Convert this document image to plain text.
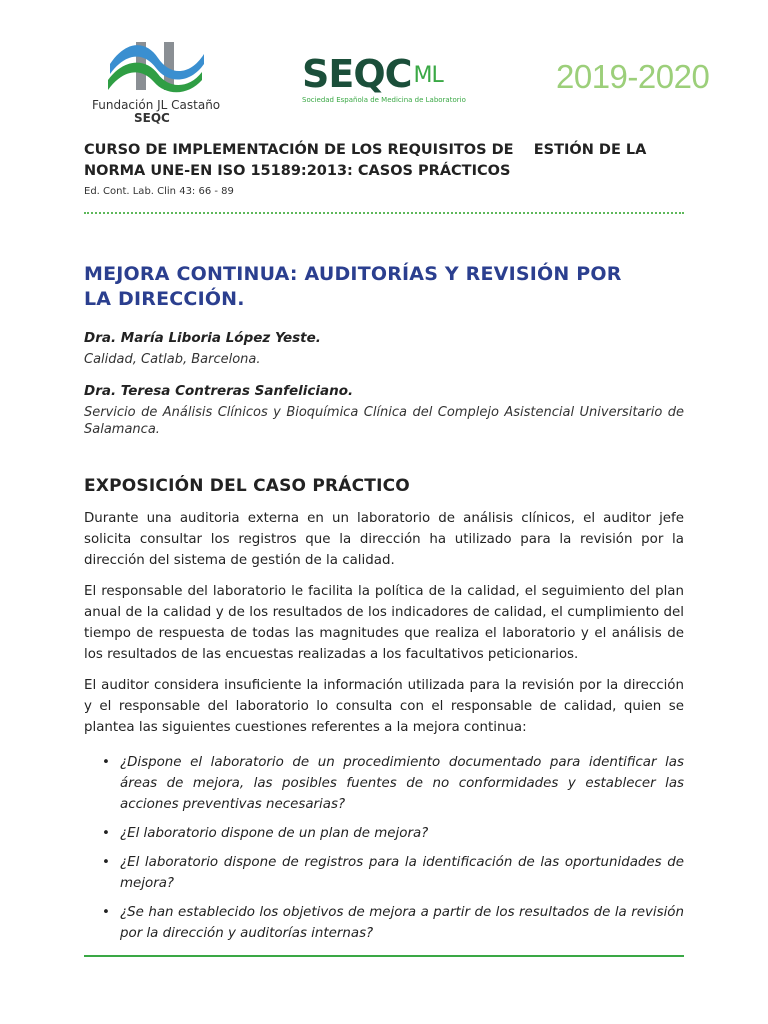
Fundación JL Castaño
SEQC
$SEQC^{ML}$
Sociedad Española de Medicina de Laboratorio
2019-2020
CURSO DE IMPLEMENTACIÓN DE LOS REQUISITOS DE    ESTIÓN DE LA
NORMA UNE-EN ISO 15189:2013: CASOS PRÁCTICOS
Ed. Cont. Lab. Clin 43: 66 - 89
MEJORA CONTINUA: AUDITORÍAS Y REVISIÓN POR
LA DIRECCIÓN.
Dra. María Liboria López Yeste.
Calidad, Catlab, Barcelona.
Dra. Teresa Contreras Sanfeliciano.
Servicio de Análisis Clínicos y Bioquímica Clínica del Complejo Asistencial Universitario de Salamanca.
EXPOSICIÓN DEL CASO PRÁCTICO

Durante una auditoria externa en un laboratorio de análisis clínicos, el auditor jefe solicita consultar los registros que la dirección ha utilizado para la revisión por la dirección del sistema de gestión de la calidad.

El responsable del laboratorio le facilita la política de la calidad, el seguimiento del plan anual de la calidad y de los resultados de los indicadores de calidad, el cumplimiento del tiempo de respuesta de todas las magnitudes que realiza el laboratorio y el análisis de los resultados de las encuestas realizadas a los facultativos peticionarios.

El auditor considera insuficiente la información utilizada para la revisión por la dirección y el responsable del laboratorio lo consulta con el responsable de calidad, quien se plantea las siguientes cuestiones referentes a la mejora continua:

• ¿Dispone el laboratorio de un procedimiento documentado para identificar las áreas de mejora, las posibles fuentes de no conformidades y establecer las acciones preventivas necesarias?
• ¿El laboratorio dispone de un plan de mejora?
• ¿El laboratorio dispone de registros para la identificación de las oportunidades de mejora?
• ¿Se han establecido los objetivos de mejora a partir de los resultados de la revisión por la dirección y auditorías internas?
